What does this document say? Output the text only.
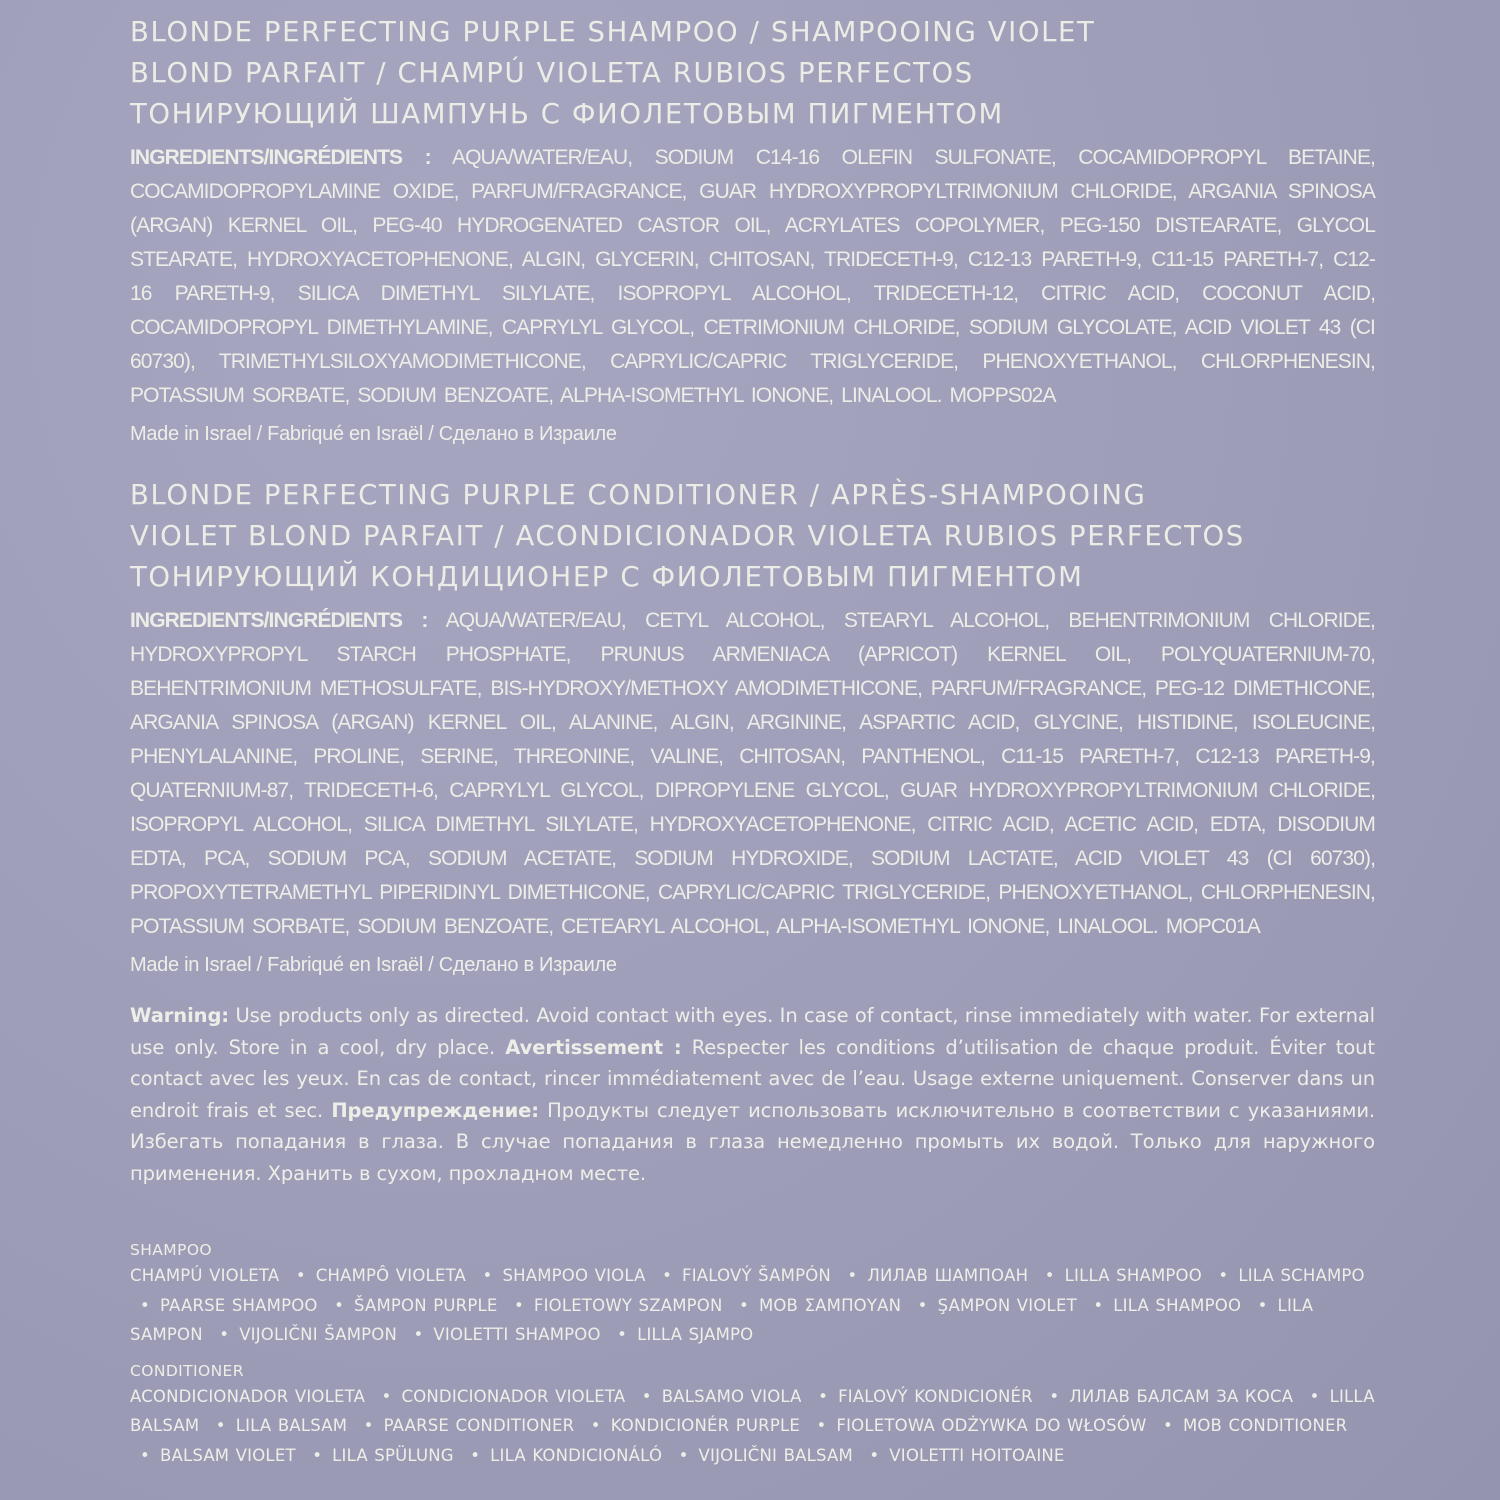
BLONDE PERFECTING PURPLE SHAMPOO / SHAMPOOING VIOLET

BLOND PARFAIT / CHAMPÚ VIOLETA RUBIOS PERFECTOS

ТОНИРУЮЩИЙ ШАМПУНЬ С ФИОЛЕТОВЫМ ПИГМЕНТОМ

INGREDIENTS/INGRÉDIENTS : AQUA/WATER/EAU, SODIUM C14-16 OLEFIN SULFONATE, COCAMIDOPROPYL BETAINE, COCAMIDOPROPYLAMINE OXIDE, PARFUM/FRAGRANCE, GUAR HYDROXYPROPYLTRIMONIUM CHLORIDE, ARGANIA SPINOSA (ARGAN) KERNEL OIL, PEG-40 HYDROGENATED CASTOR OIL, ACRYLATES COPOLYMER, PEG-150 DISTEARATE, GLYCOL STEARATE, HYDROXYACETOPHENONE, ALGIN, GLYCERIN, CHITOSAN, TRIDECETH-9, C12-13 PARETH-9, C11-15 PARETH-7, C12-16 PARETH-9, SILICA DIMETHYL SILYLATE, ISOPROPYL ALCOHOL, TRIDECETH-12, CITRIC ACID, COCONUT ACID, COCAMIDOPROPYL DIMETHYLAMINE, CAPRYLYL GLYCOL, CETRIMONIUM CHLORIDE, SODIUM GLYCOLATE, ACID VIOLET 43 (CI 60730), TRIMETHYLSILOXYAMODIMETHICONE, CAPRYLIC/CAPRIC TRIGLYCERIDE, PHENOXYETHANOL, CHLORPHENESIN, POTASSIUM SORBATE, SODIUM BENZOATE, ALPHA-ISOMETHYL IONONE, LINALOOL. MOPPS02A

Made in Israel / Fabriqué en Israël / Сделано в Израиле

BLONDE PERFECTING PURPLE CONDITIONER / APRÈS-SHAMPOOING

VIOLET BLOND PARFAIT / ACONDICIONADOR VIOLETA RUBIOS PERFECTOS

ТОНИРУЮЩИЙ КОНДИЦИОНЕР С ФИОЛЕТОВЫМ ПИГМЕНТОМ

INGREDIENTS/INGRÉDIENTS : AQUA/WATER/EAU, CETYL ALCOHOL, STEARYL ALCOHOL, BEHENTRIMONIUM CHLORIDE, HYDROXYPROPYL STARCH PHOSPHATE, PRUNUS ARMENIACA (APRICOT) KERNEL OIL, POLYQUATERNIUM-70, BEHENTRIMONIUM METHOSULFATE, BIS-HYDROXY/METHOXY AMODIMETHICONE, PARFUM/FRAGRANCE, PEG-12 DIMETHICONE, ARGANIA SPINOSA (ARGAN) KERNEL OIL, ALANINE, ALGIN, ARGININE, ASPARTIC ACID, GLYCINE, HISTIDINE, ISOLEUCINE, PHENYLALANINE, PROLINE, SERINE, THREONINE, VALINE, CHITOSAN, PANTHENOL, C11-15 PARETH-7, C12-13 PARETH-9, QUATERNIUM-87, TRIDECETH-6, CAPRYLYL GLYCOL, DIPROPYLENE GLYCOL, GUAR HYDROXYPROPYLTRIMONIUM CHLORIDE, ISOPROPYL ALCOHOL, SILICA DIMETHYL SILYLATE, HYDROXYACETOPHENONE, CITRIC ACID, ACETIC ACID, EDTA, DISODIUM EDTA, PCA, SODIUM PCA, SODIUM ACETATE, SODIUM HYDROXIDE, SODIUM LACTATE, ACID VIOLET 43 (CI 60730), PROPOXYTETRAMETHYL PIPERIDINYL DIMETHICONE, CAPRYLIC/CAPRIC TRIGLYCERIDE, PHENOXYETHANOL, CHLORPHENESIN, POTASSIUM SORBATE, SODIUM BENZOATE, CETEARYL ALCOHOL, ALPHA-ISOMETHYL IONONE, LINALOOL. MOPC01A

Made in Israel / Fabriqué en Israël / Сделано в Израиле

Warning: Use products only as directed. Avoid contact with eyes. In case of contact, rinse immediately with water. For external use only. Store in a cool, dry place. Avertissement : Respecter les conditions d’utilisation de chaque produit. Éviter tout contact avec les yeux. En cas de contact, rincer immédiatement avec de l’eau. Usage externe uniquement. Conserver dans un endroit frais et sec. Предупреждение: Продукты следует использовать исключительно в соответствии с указаниями. Избегать попадания в глаза. В случае попадания в глаза немедленно промыть их водой. Только для наружного применения. Хранить в сухом, прохладном месте.

SHAMPOO

CHAMPÚ VIOLETA • CHAMPÔ VIOLETA • SHAMPOO VIOLA • FIALOVÝ ŠAMPÓN • ЛИЛАВ ШАМПОАН • LILLA SHAMPOO • LILA SCHAMPO • PAARSE SHAMPOO • ŠAMPON PURPLE • FIOLETOWY SZAMPON • ΜΟΒ ΣΑΜΠΟΥΑΝ • ŞAMPON VIOLET • LILA SHAMPOO • LILA SAMPON • VIJOLIČNI ŠAMPON • VIOLETTI SHAMPOO • LILLA SJAMPO

CONDITIONER

ACONDICIONADOR VIOLETA • CONDICIONADOR VIOLETA • BALSAMO VIOLA • FIALOVÝ KONDICIONÉR • ЛИЛАВ БАЛСАМ ЗА КОСА • LILLA BALSAM • LILA BALSAM • PAARSE CONDITIONER • KONDICIONÉR PURPLE • FIOLETOWA ODŻYWKA DO WŁOSÓW • ΜΟΒ CONDITIONER • BALSAM VIOLET • LILA SPÜLUNG • LILA KONDICIONÁLÓ • VIJOLIČNI BALSAM • VIOLETTI HOITOAINE
